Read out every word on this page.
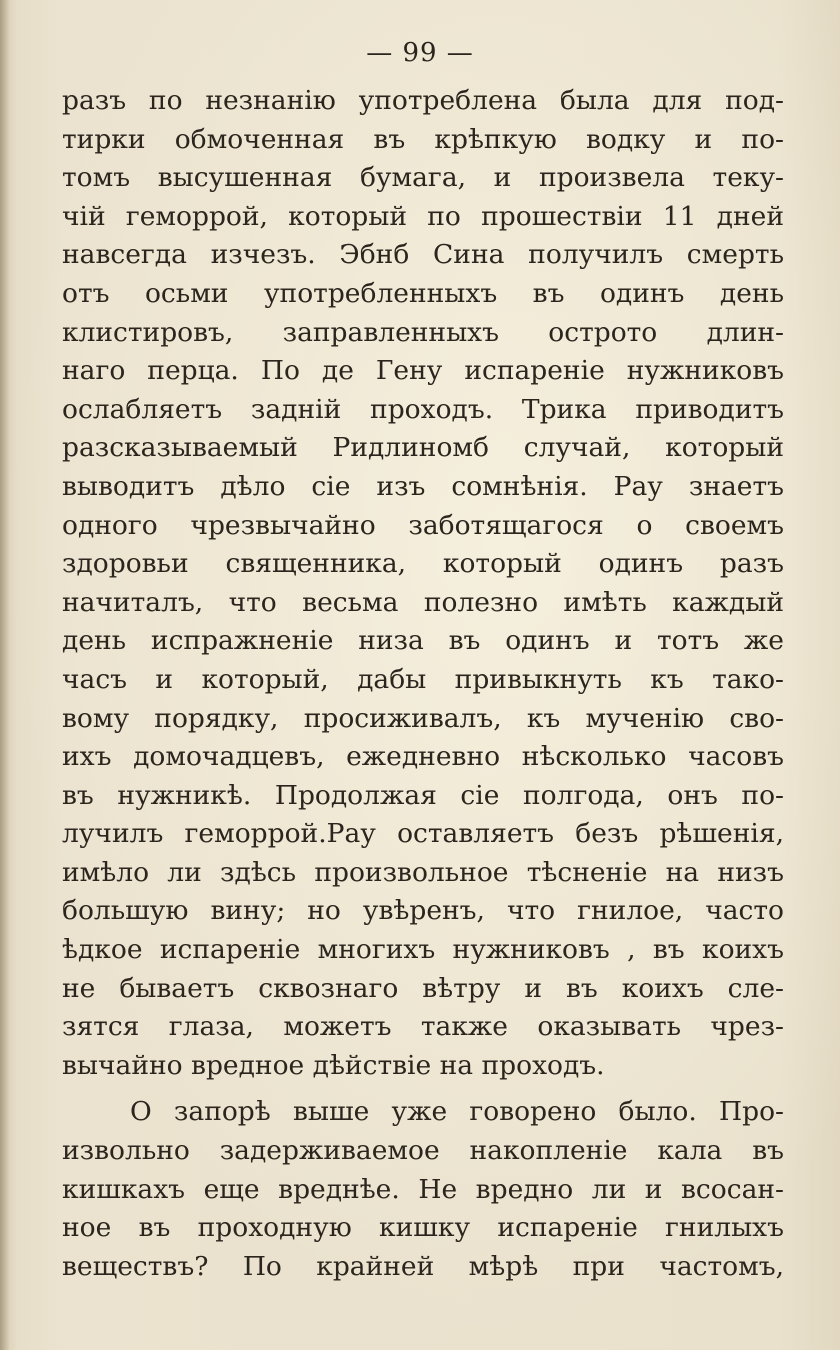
— 99 —
разъ по незнанію употреблена была для под-
тирки обмоченная въ крѣпкую водку и по-
томъ высушенная бумага, и произвела теку-
чій геморрой, который по прошествіи 11 дней
навсегда изчезъ. Эбнб Сина получилъ смерть
отъ осьми употребленныхъ въ одинъ день
клистировъ, заправленныхъ острото длин-
наго перца. По де Гену испареніе нужниковъ
ослабляетъ задній проходъ. Трика приводитъ
разсказываемый Ридлиномб случай, который
выводитъ дѣло сіе изъ сомнѣнія. Рау знаетъ
одного чрезвычайно заботящагося о своемъ
здоровьи священника, который одинъ разъ
начиталъ, что весьма полезно имѣть каждый
день испражненіе низа въ одинъ и тотъ же
часъ и который, дабы привыкнуть къ тако-
вому порядку, просиживалъ, къ мученію сво-
ихъ домочадцевъ, ежедневно нѣсколько часовъ
въ нужникѣ. Продолжая сіе полгода, онъ по-
лучилъ геморрой.Рау оставляетъ безъ рѣшенія,
имѣло ли здѣсь произвольное тѣсненіе на низъ
большую вину; но увѣренъ, что гнилое, часто
ѣдкое испареніе многихъ нужниковъ , въ коихъ
не бываетъ сквознаго вѣтру и въ коихъ сле-
зятся глаза, можетъ также оказывать чрез-
вычайно вредное дѣйствіе на проходъ.
О запорѣ выше уже говорено было. Про-
извольно задерживаемое накопленіе кала въ
кишкахъ еще вреднѣе. Не вредно ли и всосан-
ное въ проходную кишку испареніе гнилыхъ
веществъ? По крайней мѣрѣ при частомъ,
